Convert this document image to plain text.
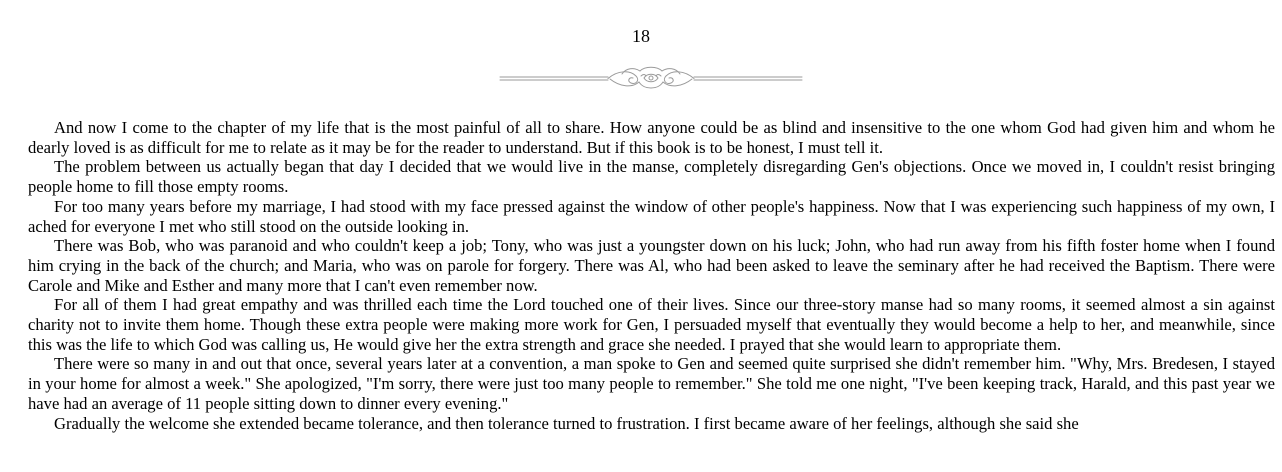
18

And now I come to the chapter of my life that is the most painful of all to share. How anyone could be as blind and insensitive to the one whom God had given him and whom he dearly loved is as difficult for me to relate as it may be for the reader to understand. But if this book is to be honest, I must tell it.

The problem between us actually began that day I decided that we would live in the manse, completely disregarding Gen's objections. Once we moved in, I couldn't resist bringing people home to fill those empty rooms.

For too many years before my marriage, I had stood with my face pressed against the window of other people's happiness. Now that I was experiencing such happiness of my own, I ached for everyone I met who still stood on the outside looking in.

There was Bob, who was paranoid and who couldn't keep a job; Tony, who was just a youngster down on his luck; John, who had run away from his fifth foster home when I found him crying in the back of the church; and Maria, who was on parole for forgery. There was Al, who had been asked to leave the seminary after he had received the Baptism. There were Carole and Mike and Esther and many more that I can't even remember now.

For all of them I had great empathy and was thrilled each time the Lord touched one of their lives. Since our three-story manse had so many rooms, it seemed almost a sin against charity not to invite them home. Though these extra people were making more work for Gen, I persuaded myself that eventually they would become a help to her, and meanwhile, since this was the life to which God was calling us, He would give her the extra strength and grace she needed. I prayed that she would learn to appropriate them.

There were so many in and out that once, several years later at a convention, a man spoke to Gen and seemed quite surprised she didn't remember him. "Why, Mrs. Bredesen, I stayed in your home for almost a week." She apologized, "I'm sorry, there were just too many people to remember." She told me one night, "I've been keeping track, Harald, and this past year we have had an average of 11 people sitting down to dinner every evening."

Gradually the welcome she extended became tolerance, and then tolerance turned to frustration. I first became aware of her feelings, although she said she
